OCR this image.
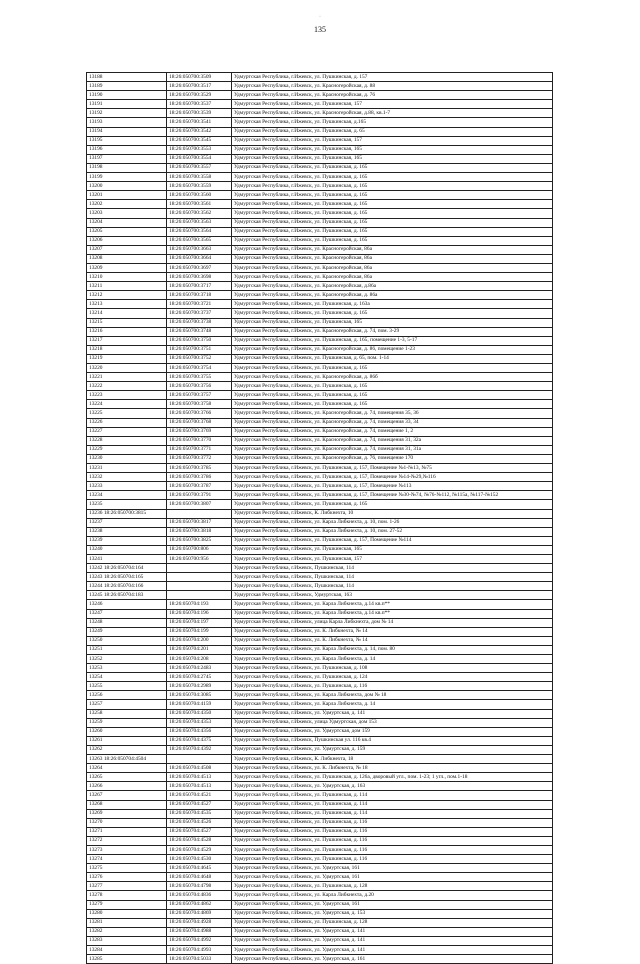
·
135
13188	18:26:050700:3509	Удмуртская Республика, г.Ижевск, ул. Пушкинская, д. 157
13189	18:26:050700:3517	Удмуртская Республика, г.Ижевск, ул. Красногеройская, д. 88
13190	18:26:050700:3529	Удмуртская Республика, г.Ижевск, ул. Красногеройская, д. 76
13191	18:26:050700:3537	Удмуртская Республика, г.Ижевск, ул. Пушкинская, 157
13192	18:26:050700:3539	Удмуртская Республика, г.Ижевск, ул. Красногеройская, д.88, кв.1-7
13193	18:26:050700:3541	Удмуртская Республика, г.Ижевск, ул. Пушкинская, д.165
13194	18:26:050700:3542	Удмуртская Республика, г.Ижевск, ул. Пушкинская, д. 65
13195	18:26:050700:3545	Удмуртская Республика, г.Ижевск, ул. Пушкинская, 157
13196	18:26:050700:3553	Удмуртская Республика, г.Ижевск, ул. Пушкинская, 165
13197	18:26:050700:3554	Удмуртская Республика, г.Ижевск, ул. Пушкинская, 165
13198	18:26:050700:3557	Удмуртская Республика, г.Ижевск, ул. Пушкинская, д. 165
13199	18:26:050700:3558	Удмуртская Республика, г.Ижевск, ул. Пушкинская, д. 165
13200	18:26:050700:3559	Удмуртская Республика, г.Ижевск, ул. Пушкинская, д. 165
13201	18:26:050700:3560	Удмуртская Республика, г.Ижевск, ул. Пушкинская, д. 165
13202	18:26:050700:3561	Удмуртская Республика, г.Ижевск, ул. Пушкинская, д. 165
13203	18:26:050700:3562	Удмуртская Республика, г.Ижевск, ул. Пушкинская, д. 165
13204	18:26:050700:3563	Удмуртская Республика, г.Ижевск, ул. Пушкинская, д. 165
13205	18:26:050700:3564	Удмуртская Республика, г.Ижевск, ул. Пушкинская, д. 165
13206	18:26:050700:3565	Удмуртская Республика, г.Ижевск, ул. Пушкинская, д. 165
13207	18:26:050700:3663	Удмуртская Республика, г.Ижевск, ул. Красногеройская, 86а
13208	18:26:050700:3664	Удмуртская Республика, г.Ижевск, ул. Красногеройская, 86а
13209	18:26:050700:3697	Удмуртская Республика, г.Ижевск, ул. Красногеройская, 86а
13210	18:26:050700:3698	Удмуртская Республика, г.Ижевск, ул. Красногеройская, 86а
13211	18:26:050700:3717	Удмуртская Республика, г.Ижевск, ул. Красногеройская, д.86а
13212	18:26:050700:3718	Удмуртская Республика, г.Ижевск, ул. Красногеройская, д. 86а
13213	18:26:050700:3721	Удмуртская Республика, г.Ижевск, ул. Пушкинская, д. 163а
13214	18:26:050700:3737	Удмуртская Республика, г.Ижевск, ул. Пушкинская, д. 165
13215	18:26:050700:3738	Удмуртская Республика, г.Ижевск, ул. Пушкинская, 165
13216	18:26:050700:3748	Удмуртская Республика, г.Ижевск, ул. Красногеройская, д. 74, пом. 3-29
13217	18:26:050700:3750	Удмуртская Республика, г.Ижевск, ул. Пушкинская, д. 165, помещение 1-3, 5-17
13218	18:26:050700:3751	Удмуртская Республика, г.Ижевск, ул. Красногеройская, д. 86, помещение 1-23
13219	18:26:050700:3752	Удмуртская Республика, г.Ижевск, ул. Пушкинская, д. 65, пом. 1-14
13220	18:26:050700:3754	Удмуртская Республика, г.Ижевск, ул. Пушкинская, д. 165
13221	18:26:050700:3755	Удмуртская Республика, г.Ижевск, ул. Красногеройская, д. 86б
13222	18:26:050700:3756	Удмуртская Республика, г.Ижевск, ул. Пушкинская, д. 165
13223	18:26:050700:3757	Удмуртская Республика, г.Ижевск, ул. Пушкинская, д. 165
13224	18:26:050700:3758	Удмуртская Республика, г.Ижевск, ул. Пушкинская, д. 165
13225	18:26:050700:3766	Удмуртская Республика, г.Ижевск, ул. Красногеройская, д. 74, помещения 35, 36
13226	18:26:050700:3768	Удмуртская Республика, г.Ижевск, ул. Красногеройская, д. 74, помещения 33, 34
13227	18:26:050700:3769	Удмуртская Республика, г.Ижевск, ул. Красногеройская, д. 74, помещение 1, 2
13228	18:26:050700:3770	Удмуртская Республика, г.Ижевск, ул. Красногеройская, д. 74, помещения 31, 32а
13229	18:26:050700:3771	Удмуртская Республика, г.Ижевск, ул. Красногеройская, д. 74, помещения 31, 31а
13230	18:26:050700:3772	Удмуртская Республика, г.Ижевск, ул. Красногеройская, д. 76, помещение 170
13231	18:26:050700:3785	Удмуртская Республика, г.Ижевск, ул. Пушкинская, д. 157, Помещение №1-№13, №75
13232	18:26:050700:3786	Удмуртская Республика, г.Ижевск, ул. Пушкинская, д. 157, Помещение №14-№29,№116
13233	18:26:050700:3787	Удмуртская Республика, г.Ижевск, ул. Пушкинская, д. 157, Помещение №113
13234	18:26:050700:3791	Удмуртская Республика, г.Ижевск, ул. Пушкинская, д. 157, Помещение №30-№74, №76-№112, №115а, №117-№152
13235	18:26:050700:3807	Удмуртская Республика, г.Ижевск, ул. Пушкинская, д. 165
13236 18:26:050700:3815		Удмуртская Республика, г.Ижевск, К. Либкнехта, 10
13237	18:26:050700:3817	Удмуртская Республика, г.Ижевск, ул. Карла Либкнехта, д. 10, пом. 1-26
13238	18:26:050700:3818	Удмуртская Республика, г.Ижевск, ул. Карла Либкнехта, д. 10, пом. 27-52
13239	18:26:050700:3825	Удмуртская Республика, г.Ижевск, ул. Пушкинская, д. 157, Помещение №114
13240	18:26:050700:806	Удмуртская Республика, г.Ижевск, ул. Пушкинская, 165
13241	18:26:050700:956	Удмуртская Республика, г.Ижевск, ул. Пушкинская, 157
13242 18:26:050704:164		Удмуртская Республика, г.Ижевск, Пушкинская, 114
13243 18:26:050704:165		Удмуртская Республика, г.Ижевск, Пушкинская, 114
13244 18:26:050704:166		Удмуртская Республика, г.Ижевск, Пушкинская, 114
13245 18:26:050704:183		Удмуртская Республика, г.Ижевск, Удмуртская, 163
13246	18:26:050704:193	Удмуртская Республика, г.Ижевск, ул. Карла Либкнехта, д.14 кв.п**
13247	18:26:050704:196	Удмуртская Республика, г.Ижевск, ул. Карла Либкнехта, д.14 кв.п**
13248	18:26:050704:197	Удмуртская Республика, г.Ижевск, улица Карла Либкнехта, дом № 14
13249	18:26:050704:199	Удмуртская Республика, г.Ижевск, ул. К. Либкнехта, № 14
13250	18:26:050704:200	Удмуртская Республика, г.Ижевск, ул. К. Либкнехта, № 14
13251	18:26:050704:201	Удмуртская Республика, г.Ижевск, ул. Карла Либкнехта, д. 14, пом. 80
13252	18:26:050704:208	Удмуртская Республика, г.Ижевск, ул. Карла Либкнехта, д. 14
13253	18:26:050704:2483	Удмуртская Республика, г.Ижевск, ул. Пушкинская, д. 108
13254	18:26:050704:2745	Удмуртская Республика, г.Ижевск, ул. Пушкинская, д. 124
13255	18:26:050704:2989	Удмуртская Республика, г.Ижевск, ул. Пушкинская, д. 116
13256	18:26:050704:3085	Удмуртская Республика, г.Ижевск, ул. Карла Либкнехта, дом № 18
13257	18:26:050704:4159	Удмуртская Республика, г.Ижевск, ул. Карла Либкнехта, д. 14
13258	18:26:050704:4350	Удмуртская Республика, г.Ижевск, ул. Удмуртская, д. 141
13259	18:26:050704:4353	Удмуртская Республика, г.Ижевск, улица Удмуртская, дом 153
13260	18:26:050704:4356	Удмуртская Республика, г.Ижевск, ул. Удмуртская, дом 159
13261	18:26:050704:4375	Удмуртская Республика, г.Ижевск, Пушкинская ул. 116 кв.4
13262	18:26:050704:4392	Удмуртская Республика, г.Ижевск, ул. Удмуртская, д. 159
13263 18:26:050704:4504		Удмуртская Республика, г.Ижевск, К. Либкнехта, 18
13264	18:26:050704:4508	Удмуртская Республика, г.Ижевск, ул. К. Либкнехта, № 18
13265	18:26:050704:4513	Удмуртская Республика, г.Ижевск, ул. Пушкинская, д. 126а, дворовый угл., пом. 1-23; 1 угл., пом.1-18
13266	18:26:050704:4513	Удмуртская Республика, г.Ижевск, ул. Удмуртская, д. 163
13267	18:26:050704:4521	Удмуртская Республика, г.Ижевск, ул. Пушкинская, д. 114
13268	18:26:050704:4527	Удмуртская Республика, г.Ижевск, ул. Пушкинская, д. 114
13269	18:26:050704:4535	Удмуртская Республика, г.Ижевск, ул. Пушкинская, д. 114
13270	18:26:050704:4526	Удмуртская Республика, г.Ижевск, ул. Пушкинская, д. 116
13271	18:26:050704:4527	Удмуртская Республика, г.Ижевск, ул. Пушкинская, д. 116
13272	18:26:050704:4528	Удмуртская Республика, г.Ижевск, ул. Пушкинская, д. 116
13273	18:26:050704:4529	Удмуртская Республика, г.Ижевск, ул. Пушкинская, д. 116
13274	18:26:050704:4530	Удмуртская Республика, г.Ижевск, ул. Пушкинская, д. 116
13275	18:26:050704:4645	Удмуртская Республика, г.Ижевск, ул. Удмуртская, 161
13276	18:26:050704:4648	Удмуртская Республика, г.Ижевск, ул. Удмуртская, 161
13277	18:26:050704:4798	Удмуртская Республика, г.Ижевск, ул. Пушкинская, д. 128
13278	18:26:050704:4836	Удмуртская Республика, г.Ижевск, ул. Карла Либкнехта, д.20
13279	18:26:050704:4862	Удмуртская Республика, г.Ижевск, ул. Удмуртская, 161
13280	18:26:050704:4869	Удмуртская Республика, г.Ижевск, ул. Удмуртская, д. 153
13281	18:26:050704:4928	Удмуртская Республика, г.Ижевск, ул. Пушкинская, д. 128
13282	18:26:050704:4988	Удмуртская Республика, г.Ижевск, ул. Удмуртская, д. 141
13283	18:26:050704:4992	Удмуртская Республика, г.Ижевск, ул. Удмуртская, д. 141
13284	18:26:050704:4993	Удмуртская Республика, г.Ижевск, ул. Удмуртская, д. 141
13285	18:26:050704:5033	Удмуртская Республика, г.Ижевск, ул. Удмуртская, д. 161
